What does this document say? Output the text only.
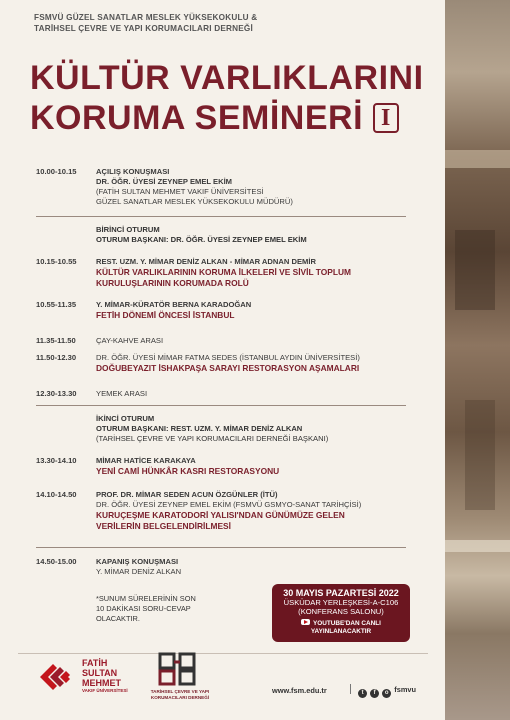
FSMVÜ GÜZEL SANATLAR MESLEK YÜKSEKOKULU &
TARİHSEL ÇEVRE VE YAPI KORUMACILARI DERNEĞİ
KÜLTÜR VARLIKLARINI
KORUMA SEMİNERİ I
10.00-10.15	AÇILIŞ KONUŞMASI
DR. ÖĞR. ÜYESİ ZEYNEP EMEL EKİM
(FATİH SULTAN MEHMET VAKIF ÜNİVERSİTESİ
GÜZEL SANATLAR MESLEK YÜKSEKOKULU MÜDÜRÜ)
BİRİNCİ OTURUM
OTURUM BAŞKANI: DR. ÖĞR. ÜYESİ ZEYNEP EMEL EKİM
10.15-10.55	REST. UZM. Y. MİMAR DENİZ ALKAN - MİMAR ADNAN DEMİR
KÜLTÜR VARLIKLARININ KORUMA İLKELERİ VE SİVİL TOPLUM
KURULUŞLARININ KORUMADA ROLÜ
10.55-11.35	Y. MİMAR-KÜRATÖR BERNA KARADOĞAN
FETİH DÖNEMİ ÖNCESİ İSTANBUL
11.35-11.50	ÇAY-KAHVE ARASI
11.50-12.30	DR. ÖĞR. ÜYESİ MİMAR FATMA SEDES (İSTANBUL AYDIN ÜNİVERSİTESİ)
DOĞUBEYAZIT İSHAKPAŞA SARAYI RESTORASYON AŞAMALARI
12.30-13.30	YEMEK ARASI
İKİNCİ OTURUM
OTURUM BAŞKANI: REST. UZM. Y. MİMAR DENİZ ALKAN
(TARİHSEL ÇEVRE VE YAPI KORUMACILARI DERNEĞİ BAŞKANI)
13.30-14.10	MİMAR HATİCE KARAKAYA
YENİ CAMİ HÜNKÂR KASRI RESTORASYONU
14.10-14.50	PROF. DR. MİMAR SEDEN ACUN ÖZGÜNLER (İTÜ)
DR. ÖĞR. ÜYESİ ZEYNEP EMEL EKİM (FSMVÜ GSMYO-SANAT TARİHÇİSİ)
KURUÇEŞME KARATODORİ YALISI'NDAN GÜNÜMÜZE GELEN
VERİLERİN BELGELENDİRİLMESİ
14.50-15.00	KAPANIŞ KONUŞMASI
Y. MİMAR DENİZ ALKAN
*SUNUM SÜRELERİNİN SON
10 DAKİKASI SORU-CEVAP
OLACAKTIR.
30 MAYIS PAZARTESİ 2022
ÜSKÜDAR YERLEŞKESİ-A-C106
(KONFERANS SALONU)
YOUTUBE'DAN CANLI
YAYINLANACAKTIR
FATİH
SULTAN
MEHMET
VAKIF ÜNİVERSİTESİ	TARİHSEL ÇEVRE VE YAPI
KORUMACILARI DERNEĞİ
www.fsm.edu.tr	t f o fsmvu
